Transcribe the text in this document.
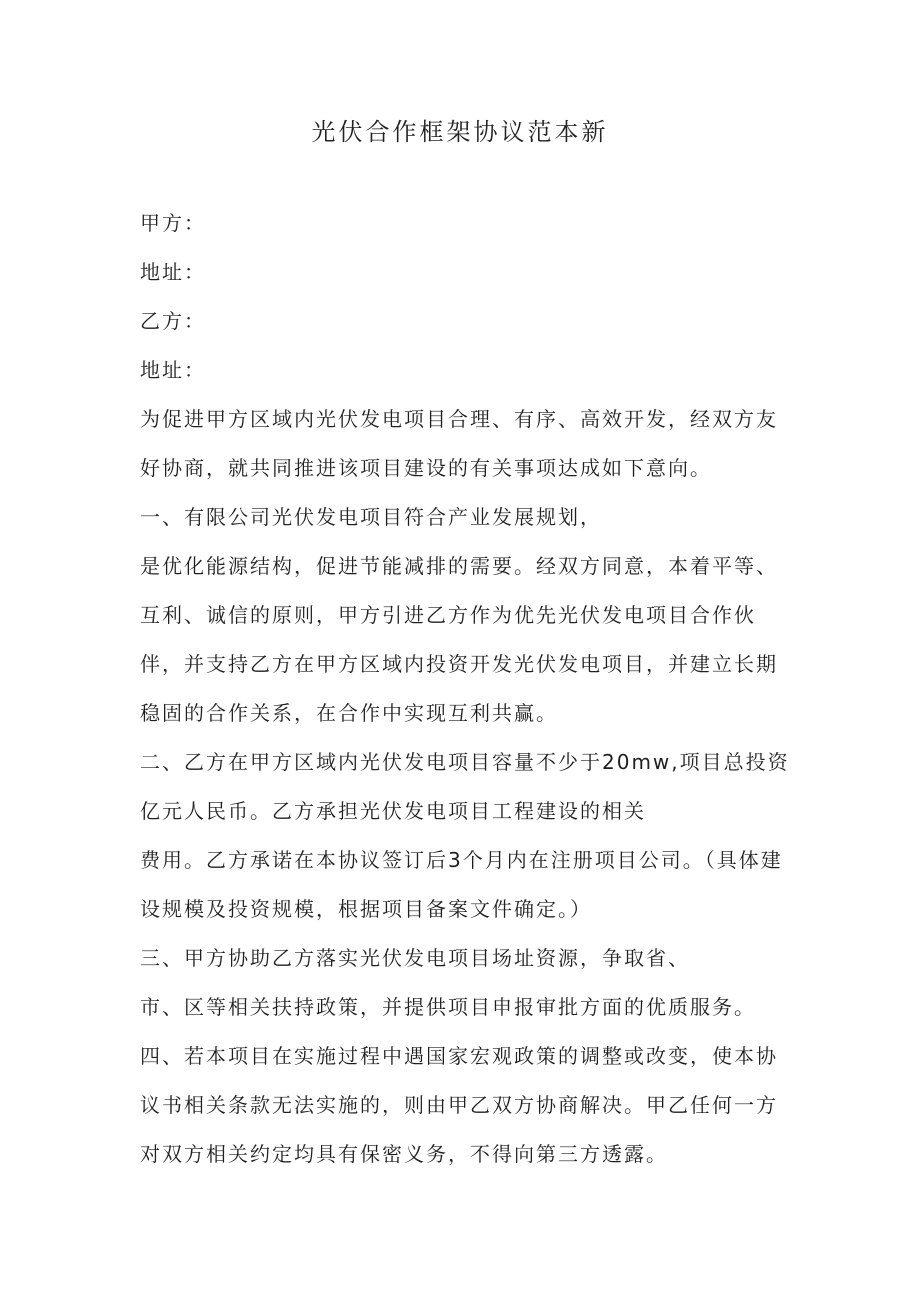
光伏合作框架协议范本新
甲方：
地址：
乙方：
地址：
为促进甲方区域内光伏发电项目合理、有序、高效开发，经双方友
好协商，就共同推进该项目建设的有关事项达成如下意向。
一、有限公司光伏发电项目符合产业发展规划，
是优化能源结构，促进节能减排的需要。经双方同意，本着平等、
互利、诚信的原则，甲方引进乙方作为优先光伏发电项目合作伙
伴，并支持乙方在甲方区域内投资开发光伏发电项目，并建立长期
稳固的合作关系，在合作中实现互利共赢。
二、乙方在甲方区域内光伏发电项目容量不少于20mw,项目总投资
亿元人民币。乙方承担光伏发电项目工程建设的相关
费用。乙方承诺在本协议签订后3个月内在注册项目公司。（具体建
设规模及投资规模，根据项目备案文件确定。）
三、甲方协助乙方落实光伏发电项目场址资源，争取省、
市、区等相关扶持政策，并提供项目申报审批方面的优质服务。
四、若本项目在实施过程中遇国家宏观政策的调整或改变，使本协
议书相关条款无法实施的，则由甲乙双方协商解决。甲乙任何一方
对双方相关约定均具有保密义务，不得向第三方透露。
